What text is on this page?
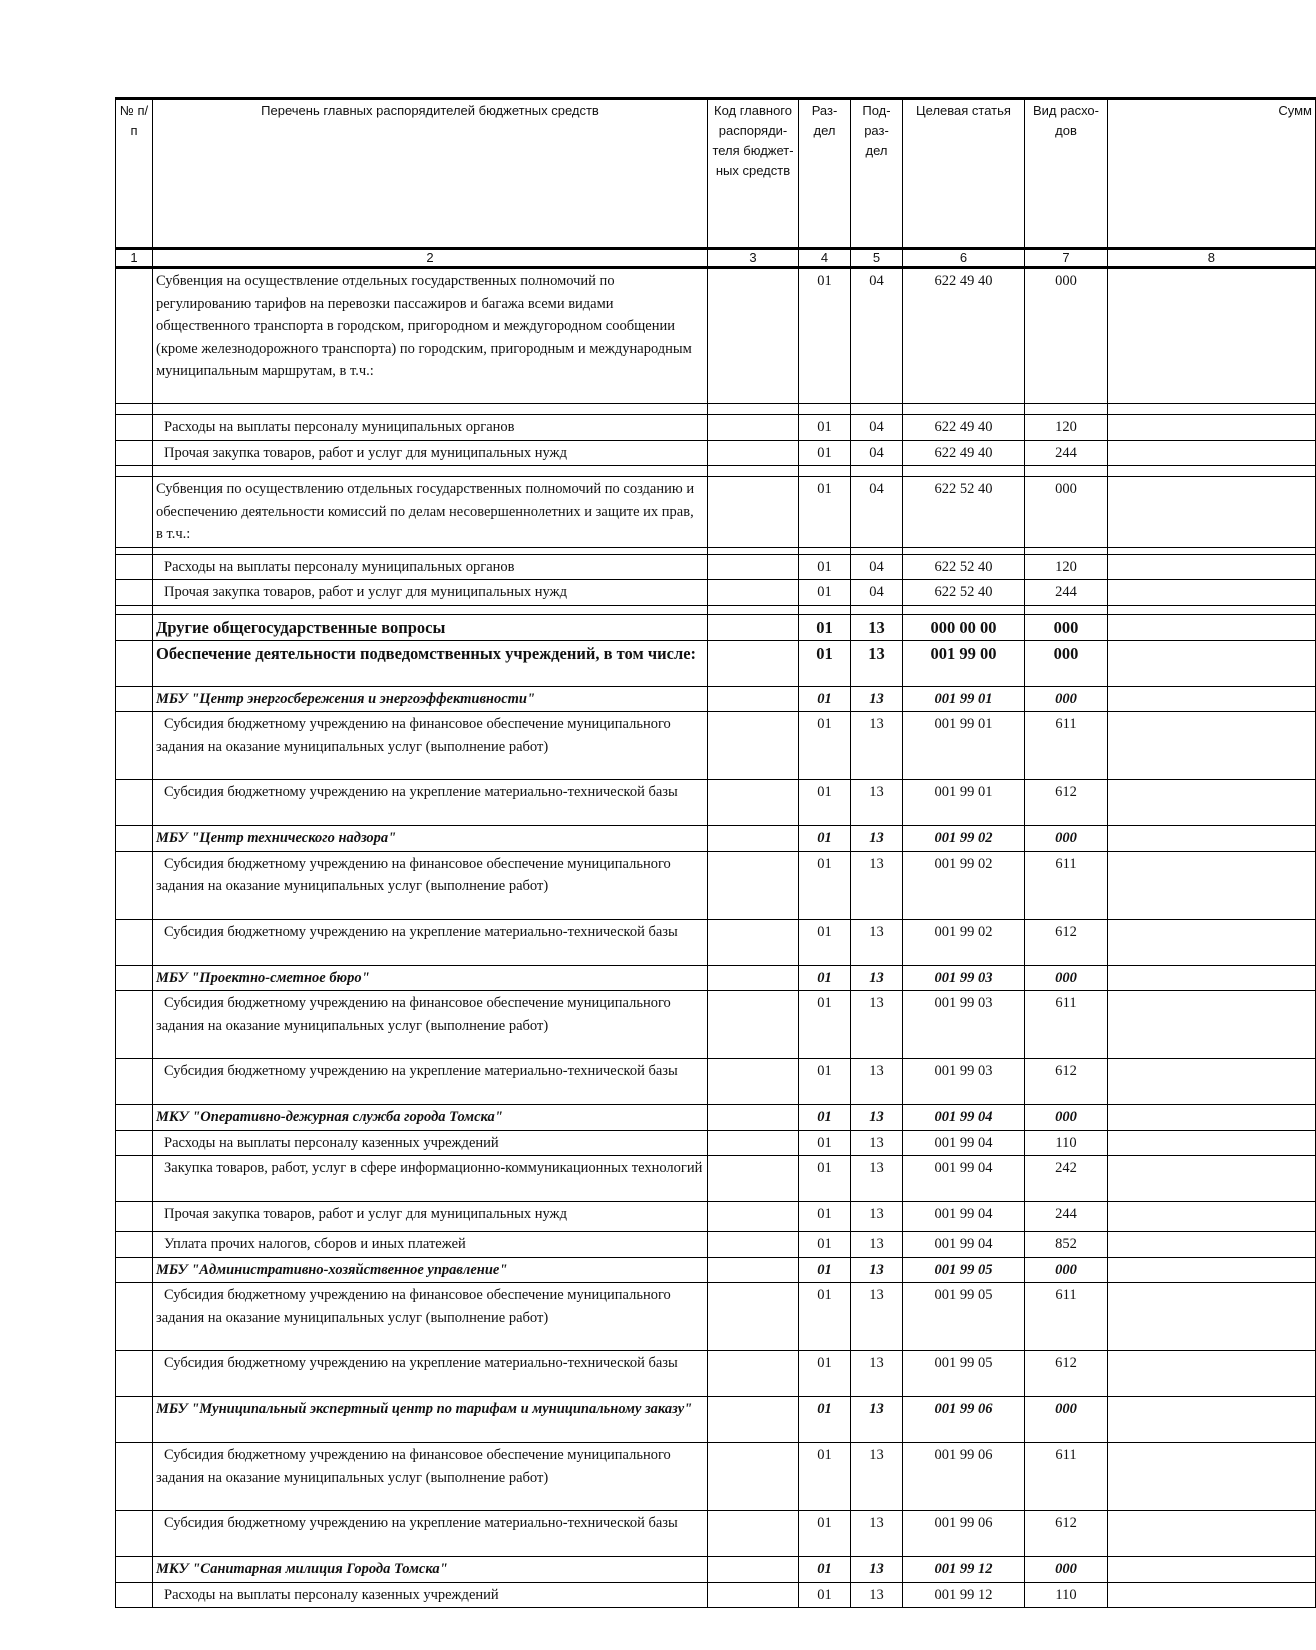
№ п/п	Перечень главных распорядителей бюджетных средств	Код главного распоряди-теля бюджет-ных средств	Раз-дел	Под-раз-дел	Целевая статья	Вид расхо-дов	Сумм
1	2	3	4	5	6	7	8
	Субвенция на осуществление отдельных государственных полномочий по регулированию тарифов на перевозки пассажиров и багажа всеми видами общественного транспорта в городском, пригородном и междугородном сообщении (кроме железнодорожного транспорта) по городским, пригородным и международным муниципальным маршрутам, в т.ч.:		01	04	622 49 40	000	

	Расходы на выплаты персоналу муниципальных органов		01	04	622 49 40	120	
	Прочая закупка товаров, работ и услуг для муниципальных нужд		01	04	622 49 40	244	

	Субвенция по осуществлению отдельных государственных полномочий по созданию и обеспечению деятельности комиссий по делам несовершеннолетних и защите их прав, в т.ч.:		01	04	622 52 40	000	

	Расходы на выплаты персоналу муниципальных органов		01	04	622 52 40	120	
	Прочая закупка товаров, работ и услуг для муниципальных нужд		01	04	622 52 40	244	

	Другие общегосударственные вопросы		01	13	000 00 00	000	
	Обеспечение деятельности подведомственных учреждений, в том числе:		01	13	001 99 00	000	
	МБУ "Центр энергосбережения и энергоэффективности"		01	13	001 99 01	000	
	Субсидия бюджетному учреждению на финансовое обеспечение муниципального задания на оказание муниципальных услуг (выполнение работ)		01	13	001 99 01	611	
	Субсидия бюджетному учреждению на укрепление материально-технической базы		01	13	001 99 01	612	
	МБУ "Центр технического надзора"		01	13	001 99 02	000	
	Субсидия бюджетному учреждению на финансовое обеспечение муниципального задания на оказание муниципальных услуг (выполнение работ)		01	13	001 99 02	611	
	Субсидия бюджетному учреждению на укрепление материально-технической базы		01	13	001 99 02	612	
	МБУ "Проектно-сметное бюро"		01	13	001 99 03	000	
	Субсидия бюджетному учреждению на финансовое обеспечение муниципального задания на оказание муниципальных услуг (выполнение работ)		01	13	001 99 03	611	
	Субсидия бюджетному учреждению на укрепление материально-технической базы		01	13	001 99 03	612	
	МКУ "Оперативно-дежурная служба города Томска"		01	13	001 99 04	000	
	Расходы на выплаты персоналу казенных учреждений		01	13	001 99 04	110	
	Закупка товаров, работ, услуг в сфере информационно-коммуникационных технологий		01	13	001 99 04	242	
	Прочая закупка товаров, работ и услуг для муниципальных нужд		01	13	001 99 04	244	
	Уплата прочих налогов, сборов и иных платежей		01	13	001 99 04	852	
	МБУ "Административно-хозяйственное управление"		01	13	001 99 05	000	
	Субсидия бюджетному учреждению на финансовое обеспечение муниципального задания на оказание муниципальных услуг (выполнение работ)		01	13	001 99 05	611	
	Субсидия бюджетному учреждению на укрепление материально-технической базы		01	13	001 99 05	612	
	МБУ "Муниципальный экспертный центр по тарифам и муниципальному заказу"		01	13	001 99 06	000	
	Субсидия бюджетному учреждению на финансовое обеспечение муниципального задания на оказание муниципальных услуг (выполнение работ)		01	13	001 99 06	611	
	Субсидия бюджетному учреждению на укрепление материально-технической базы		01	13	001 99 06	612	
	МКУ "Санитарная милиция Города Томска"		01	13	001 99 12	000	
	Расходы на выплаты персоналу казенных учреждений		01	13	001 99 12	110	
